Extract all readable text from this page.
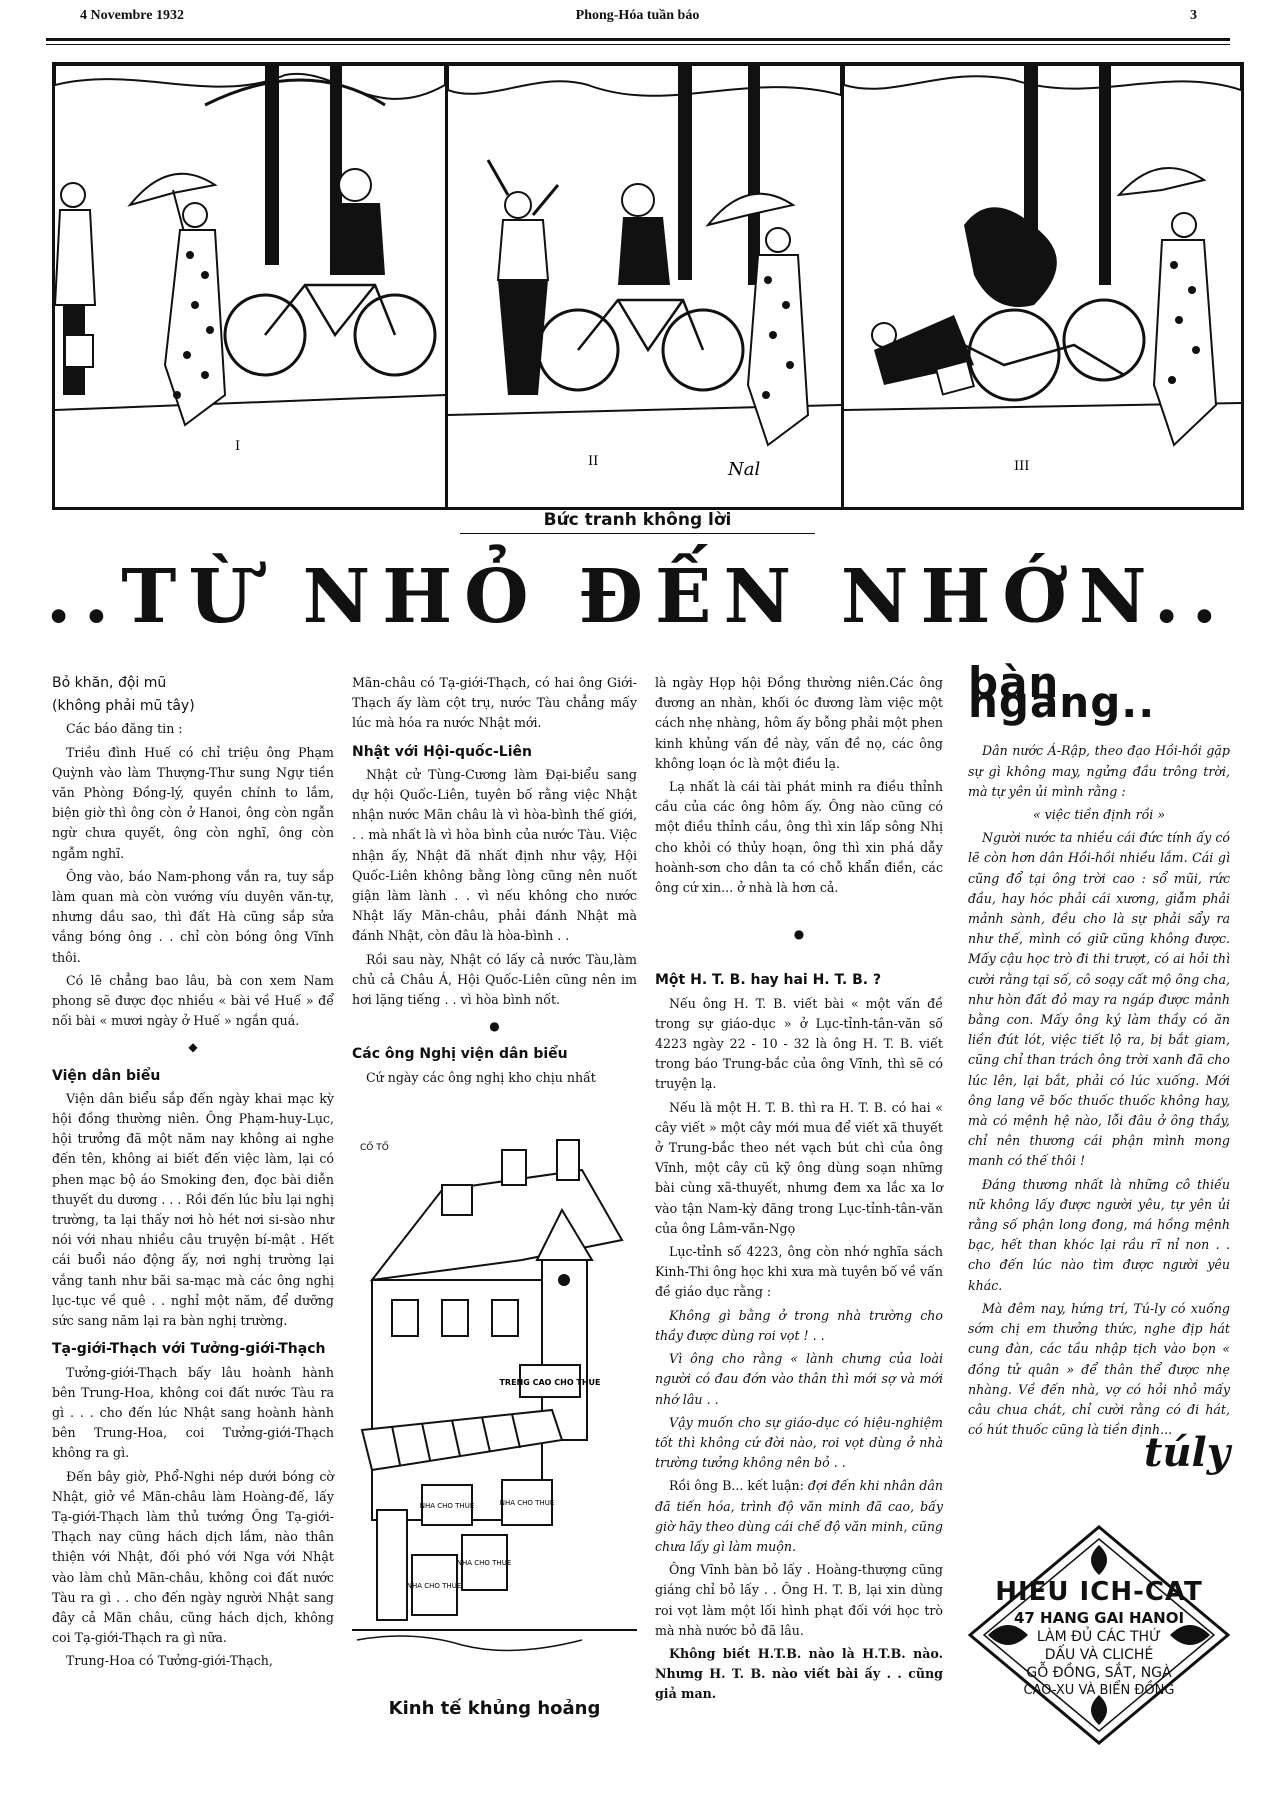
4 Novembre 1932	Phong-Hóa tuần báo	3
I
II	Nal	III
Bức tranh không lời
..TỪ NHỎ ĐẾN NHỚN..
Bỏ khăn, đội mũ
(không phải mũ tây)

Các báo đăng tin :

Triều đình Huế có chỉ triệu ông Phạm Quỳnh vào làm Thượng-Thư sung Ngự tiền văn Phòng Đồng-lý, quyền chính to lắm, biện giờ thì ông còn ở Hanoi, ông còn ngẫn ngừ chưa quyết, ông còn nghĩ, ông còn ngẫm nghĩ.

Ông vào, báo Nam-phong vắn ra, tuy sắp làm quan mà còn vướng víu duyên văn-tự, nhưng dầu sao, thì đất Hà cũng sắp sửa vắng bóng ông . . chỉ còn bóng ông Vĩnh thôi.

Có lẽ chẳng bao lâu, bà con xem Nam phong sẽ được đọc nhiều « bài về Huế » để nối bài « mươi ngày ở Huế » ngắn quá.

◆
Viện dân biểu

Viện dân biểu sắp đến ngày khai mạc kỳ hội đồng thường niên. Ông Phạm-huy-Lục, hội trưởng đã một năm nay không ai nghe đến tên, không ai biết đến việc làm, lại có phen mạc bộ áo Smoking đen, đọc bài diễn thuyết du dương . . . Rồi đến lúc bỉu lại nghị trường, ta lại thấy nơi hò hét nơi si-sào như nói với nhau nhiều câu truyện bí-mật . Hết cái buổi náo động ấy, nơi nghị trường lại vắng tanh như bãi sa-mạc mà các ông nghị lục-tục về quê . . nghỉ một năm, để dưỡng sức sang năm lại ra bàn nghị trường.

Tạ-giới-Thạch với Tưởng-giới-Thạch

Tưởng-giới-Thạch bấy lâu hoành hành bên Trung-Hoa, không coi đất nước Tàu ra gì . . . cho đến lúc Nhật sang hoành hành bên Trung-Hoa, coi Tưởng-giới-Thạch không ra gì.

Đến bây giờ, Phổ-Nghi nép dưới bóng cờ Nhật, giở về Mãn-châu làm Hoàng-đế, lấy Tạ-giới-Thạch làm thủ tướng Ông Tạ-giới-Thạch nay cũng hách dịch lắm, nào thân thiện với Nhật, đối phó với Nga với Nhật vào làm chủ Mãn-châu, không coi đất nước Tàu ra gì . . cho đến ngày người Nhật sang đây cả Mãn châu, cũng hách dịch, không coi Tạ-giới-Thạch ra gì nữa.

Trung-Hoa có Tưởng-giới-Thạch,

Mãn-châu có Tạ-giới-Thạch, có hai ông Giới-Thạch ấy làm cột trụ, nước Tàu chẳng mấy lúc mà hóa ra nước Nhật mới.

Nhật với Hội-quốc-Liên

Nhật cử Tùng-Cương làm Đại-biểu sang dự hội Quốc-Liên, tuyên bố rằng việc Nhật nhận nước Mãn châu là vì hòa-bình thế giới, . . mà nhất là vì hòa bình của nước Tàu. Việc nhận ấy, Nhật đã nhất định như vậy, Hội Quốc-Liên không bằng lòng cũng nên nuốt giận làm lành . . vì nếu không cho nước Nhật lấy Mãn-châu, phải đánh Nhật mà đánh Nhật, còn đâu là hòa-bình . .

Rồi sau này, Nhật có lấy cả nước Tàu,làm chủ cả Châu Á, Hội Quốc-Liên cũng nên im hơi lặng tiếng . . vì hòa bình nốt.

●
Các ông Nghị viện dân biểu

Cứ ngày các ông nghị kho chịu nhất

CỐ TỐ
TRENG CAO CHO THUE
NHA CHO THUE	NHA CHO THUE
NHA CHO THUE
NHA CHO THUE
Kinh tế khủng hoảng

là ngày Họp hội Đồng thường niên.Các ông đương an nhàn, khối óc đương làm việc một cách nhẹ nhàng, hôm ấy bỗng phải một phen kinh khủng vấn đề này, vấn đề nọ, các ông không loạn óc là một điều lạ.

Lạ nhất là cái tài phát minh ra điều thỉnh cầu của các ông hôm ấy. Ông nào cũng có một điều thỉnh cầu, ông thì xin lấp sông Nhị cho khỏi có thủy hoạn, ông thì xin phá dẫy hoành-sơn cho dân ta có chỗ khẩn điền, các ông cứ xin... ở nhà là hơn cả.

●
Một H. T. B. hay hai H. T. B. ?

Nếu ông H. T. B. viết bài « một vấn đề trong sự giáo-dục » ở Lục-tỉnh-tân-văn số 4223 ngày 22 - 10 - 32 là ông H. T. B. viết trong báo Trung-bắc của ông Vĩnh, thì sẽ có truyện lạ.

Nếu là một H. T. B. thì ra H. T. B. có hai « cây viết » một cây mới mua để viết xã thuyết ở Trung-bắc theo nét vạch bút chì của ông Vĩnh, một cây cũ kỹ ông dùng soạn những bài cùng xã-thuyết, nhưng đem xa lắc xa lơ vào tận Nam-kỳ đăng trong Lục-tỉnh-tân-văn của ông Lâm-văn-Ngọ

Lục-tỉnh số 4223, ông còn nhớ nghĩa sách Kinh-Thi ông học khi xưa mà tuyên bố về vấn đề giáo dục rằng :

Không gì bằng ở trong nhà trường cho thầy được dùng roi vọt ! . .

Vì ông cho rằng « lành chưng của loài người có đau đớn vào thân thì mới sợ và mới nhớ lâu . .

Vậy muốn cho sự giáo-dục có hiệu-nghiệm tốt thì không cứ đời nào, roi vọt dùng ở nhà trường tưởng không nên bỏ . .

Rồi ông B... kết luận: đợi đến khi nhân dân đã tiến hóa, trình độ văn minh đã cao, bấy giờ hãy theo dùng cái chế độ văn minh, cũng chưa lấy gì làm muộn.

Ông Vĩnh bàn bỏ lấy . Hoàng-thượng cũng giáng chỉ bỏ lấy . . Ông H. T. B, lại xin dùng roi vọt làm một lối hình phạt đối với học trò mà nhà nước bỏ đã lâu.

Không biết H.T.B. nào là H.T.B. nào. Nhưng H. T. B. nào viết bài ấy . . cũng giả man.

bàn ngang..

Dân nước Á-Rập, theo đạo Hồi-hồi gặp sự gì không may, ngửng đầu trông trời, mà tự yên ủi mình rằng :

« việc tiền định rồi »

Người nước ta nhiều cái đức tính ấy có lẽ còn hơn dân Hồi-hồi nhiều lắm. Cái gì cũng đổ tại ông trời cao : sổ mũi, rức đầu, hay hóc phải cái xương, giẫm phải mảnh sành, đều cho là sự phải sẩy ra như thế, mình có giữ cũng không được. Mấy cậu học trò đi thi trượt, có ai hỏi thì cười rằng tại số, cô soạy cất mộ ông cha, như hòn đất đỏ may ra ngáp được mảnh bằng con. Mấy ông ký làm thầy có ăn liền đút lót, việc tiết lộ ra, bị bắt giam, cũng chỉ than trách ông trời xanh đã cho lúc lên, lại bắt, phải có lúc xuống. Mới ông lang vẽ bốc thuốc thuốc không hay, mà có mệnh hệ nào, lỗi đâu ở ông thầy, chỉ nên thương cái phận mình mong manh có thế thôi !

Đáng thương nhất là những cô thiếu nữ không lấy được người yêu, tự yên ủi rằng số phận long đong, má hồng mệnh bạc, hết than khóc lại rầu rĩ nỉ non . . cho đến lúc nào tìm được người yêu khác.

Mà đêm nay, hứng trí, Tú-ly có xuống sớm chị em thưởng thức, nghe địp hát cung đàn, các tầu nhập tịch vào bọn « đồng tử quân » để thân thể được nhẹ nhàng. Về đến nhà, vợ có hỏi nhỏ mấy câu chua chát, chỉ cười rằng có đi hát, có hút thuốc cũng là tiền định...

túly
HIEU ICH-CAT
47 HANG GAI HANOI
LÀM ĐỦ CÁC THỨ
DẤU VÀ CLICHÉ
GỖ ĐỒNG, SẮT, NGÀ
CAO-XU VÀ BIỂN ĐỒNG
